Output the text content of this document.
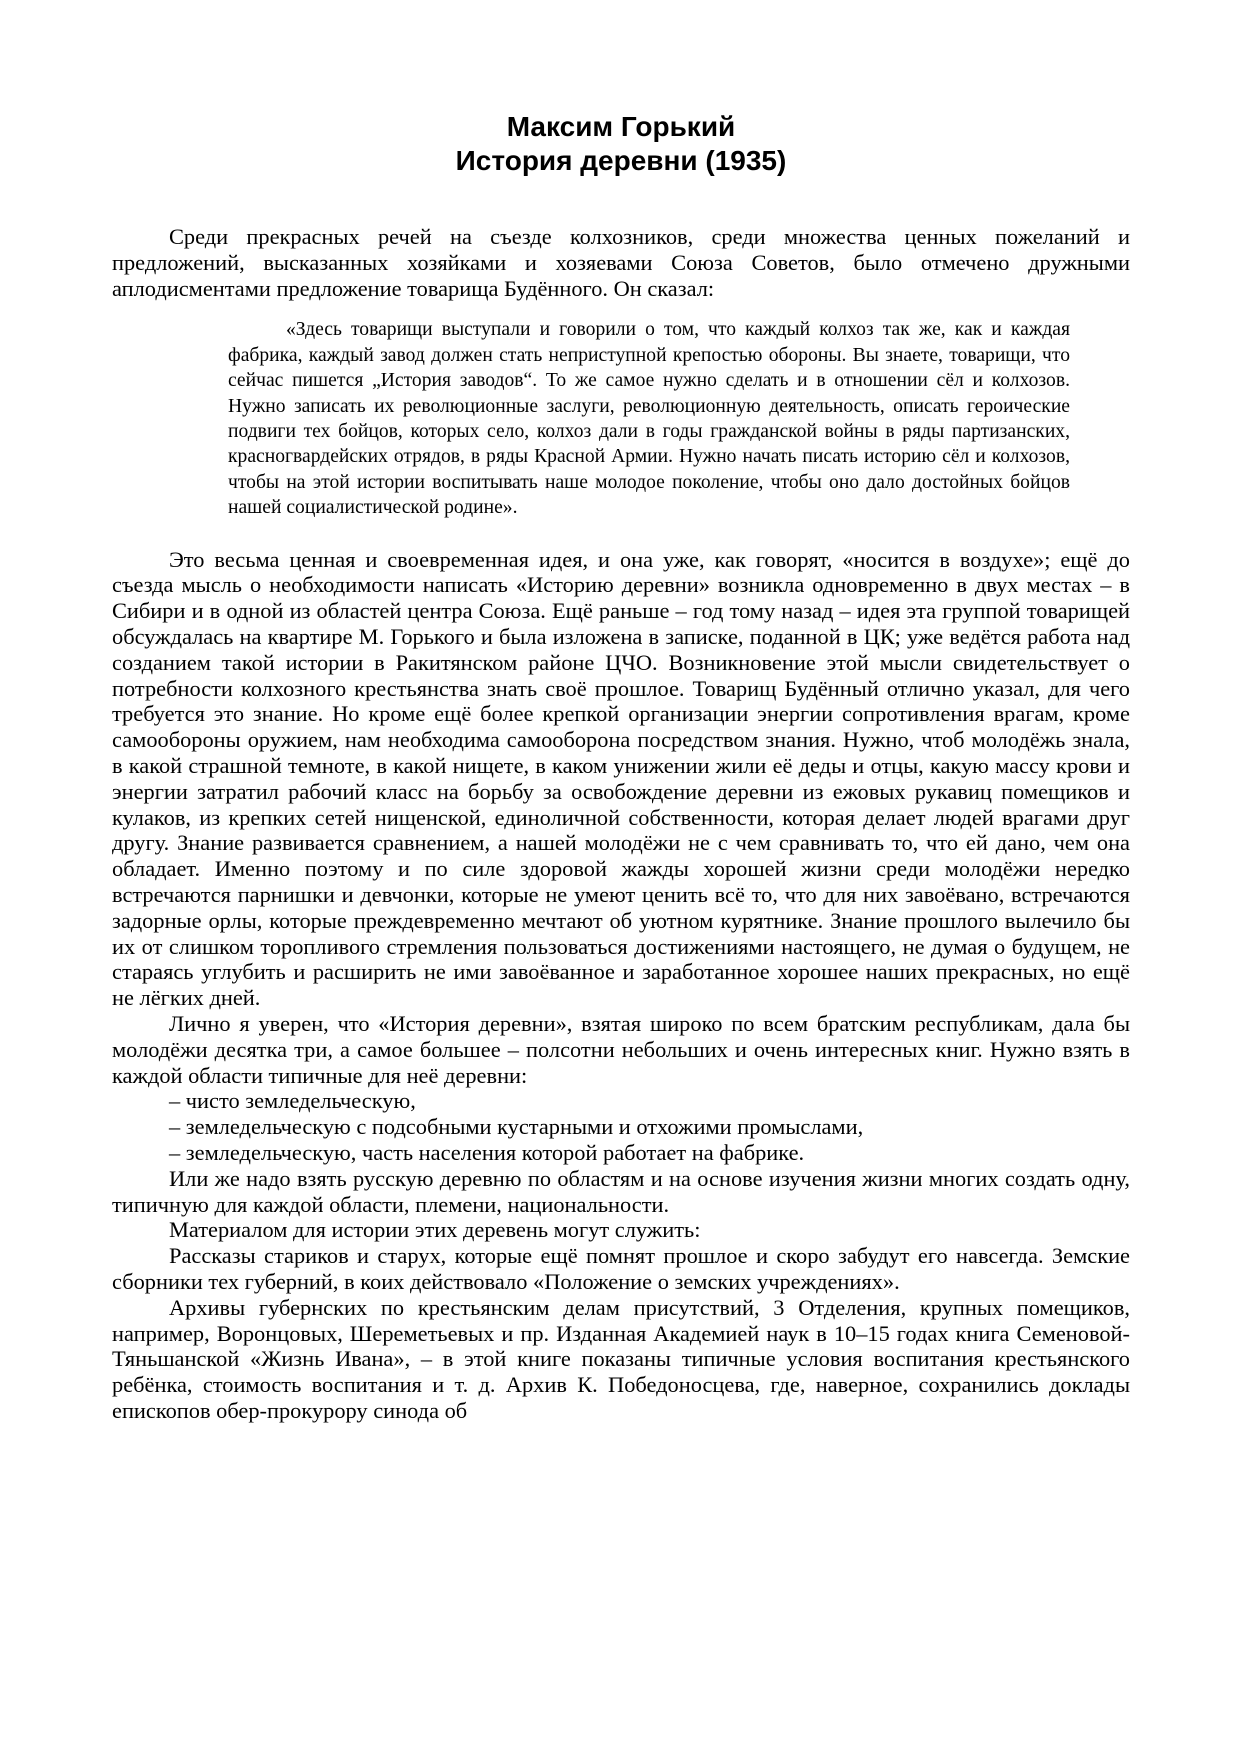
Максим Горький
История деревни (1935)

Среди прекрасных речей на съезде колхозников, среди множества ценных пожеланий и предложений, высказанных хозяйками и хозяевами Союза Советов, было отмечено дружными аплодисментами предложение товарища Будённого. Он сказал:

«Здесь товарищи выступали и говорили о том, что каждый колхоз так же, как и каждая фабрика, каждый завод должен стать неприступной крепостью обороны. Вы знаете, товарищи, что сейчас пишется „История заводов“. То же самое нужно сделать и в отношении сёл и колхозов. Нужно записать их революционные заслуги, революционную деятельность, описать героические подвиги тех бойцов, которых село, колхоз дали в годы гражданской войны в ряды партизанских, красногвардейских отрядов, в ряды Красной Армии. Нужно начать писать историю сёл и колхозов, чтобы на этой истории воспитывать наше молодое поколение, чтобы оно дало достойных бойцов нашей социалистической родине».

Это весьма ценная и своевременная идея, и она уже, как говорят, «носится в воздухе»; ещё до съезда мысль о необходимости написать «Историю деревни» возникла одновременно в двух местах – в Сибири и в одной из областей центра Союза. Ещё раньше – год тому назад – идея эта группой товарищей обсуждалась на квартире М. Горького и была изложена в записке, поданной в ЦК; уже ведётся работа над созданием такой истории в Ракитянском районе ЦЧО. Возникновение этой мысли свидетельствует о потребности колхозного крестьянства знать своё прошлое. Товарищ Будённый отлично указал, для чего требуется это знание. Но кроме ещё более крепкой организации энергии сопротивления врагам, кроме самообороны оружием, нам необходима самооборона посредством знания. Нужно, чтоб молодёжь знала, в какой страшной темноте, в какой нищете, в каком унижении жили её деды и отцы, какую массу крови и энергии затратил рабочий класс на борьбу за освобождение деревни из ежовых рукавиц помещиков и кулаков, из крепких сетей нищенской, единоличной собственности, которая делает людей врагами друг другу. Знание развивается сравнением, а нашей молодёжи не с чем сравнивать то, что ей дано, чем она обладает. Именно поэтому и по силе здоровой жажды хорошей жизни среди молодёжи нередко встречаются парнишки и девчонки, которые не умеют ценить всё то, что для них завоёвано, встречаются задорные орлы, которые преждевременно мечтают об уютном курятнике. Знание прошлого вылечило бы их от слишком торопливого стремления пользоваться достижениями настоящего, не думая о будущем, не стараясь углубить и расширить не ими завоёванное и заработанное хорошее наших прекрасных, но ещё не лёгких дней.

Лично я уверен, что «История деревни», взятая широко по всем братским республикам, дала бы молодёжи десятка три, а самое большее – полсотни небольших и очень интересных книг. Нужно взять в каждой области типичные для неё деревни:

– чисто земледельческую,

– земледельческую с подсобными кустарными и отхожими промыслами,

– земледельческую, часть населения которой работает на фабрике.

Или же надо взять русскую деревню по областям и на основе изучения жизни многих создать одну, типичную для каждой области, племени, национальности.

Материалом для истории этих деревень могут служить:

Рассказы стариков и старух, которые ещё помнят прошлое и скоро забудут его навсегда. Земские сборники тех губерний, в коих действовало «Положение о земских учреждениях».

Архивы губернских по крестьянским делам присутствий, 3 Отделения, крупных помещиков, например, Воронцовых, Шереметьевых и пр. Изданная Академией наук в 10–15 годах книга Семеновой-Тяньшанской «Жизнь Ивана», – в этой книге показаны типичные условия воспитания крестьянского ребёнка, стоимость воспитания и т. д. Архив К. Победоносцева, где, наверное, сохранились доклады епископов обер-прокурору синода об
